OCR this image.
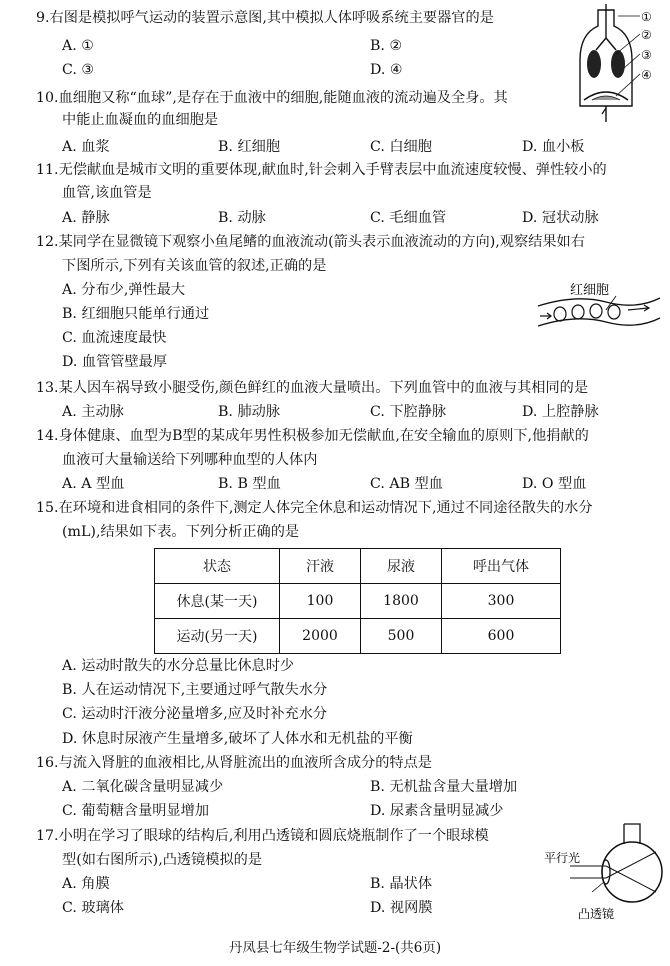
9.右图是模拟呼气运动的装置示意图,其中模拟人体呼吸系统主要器官的是
A. ①	B. ②
C. ③	D. ④
①
②
③
④
10.血细胞又称“血球”,是存在于血液中的细胞,能随血液的流动遍及全身。其
中能止血凝血的血细胞是
A. 血浆	B. 红细胞	C. 白细胞	D. 血小板
11.无偿献血是城市文明的重要体现,献血时,针会刺入手臂表层中血流速度较慢、弹性较小的
血管,该血管是
A. 静脉	B. 动脉	C. 毛细血管	D. 冠状动脉
12.某同学在显微镜下观察小鱼尾鳍的血液流动(箭头表示血液流动的方向),观察结果如右
下图所示,下列有关该血管的叙述,正确的是
A. 分布少,弹性最大
B. 红细胞只能单行通过
C. 血流速度最快
D. 血管管壁最厚
红细胞
13.某人因车祸导致小腿受伤,颜色鲜红的血液大量喷出。下列血管中的血液与其相同的是
A. 主动脉	B. 肺动脉	C. 下腔静脉	D. 上腔静脉
14.身体健康、血型为B型的某成年男性积极参加无偿献血,在安全输血的原则下,他捐献的
血液可大量输送给下列哪种血型的人体内
A. A 型血	B. B 型血	C. AB 型血	D. O 型血
15.在环境和进食相同的条件下,测定人体完全休息和运动情况下,通过不同途径散失的水分
(mL),结果如下表。下列分析正确的是
状态	汗液	尿液	呼出气体
休息(某一天)	100	1800	300
运动(另一天)	2000	500	600
A. 运动时散失的水分总量比休息时少
B. 人在运动情况下,主要通过呼气散失水分
C. 运动时汗液分泌量增多,应及时补充水分
D. 休息时尿液产生量增多,破坏了人体水和无机盐的平衡
16.与流入肾脏的血液相比,从肾脏流出的血液所含成分的特点是
A. 二氧化碳含量明显减少	B. 无机盐含量大量增加
C. 葡萄糖含量明显增加	D. 尿素含量明显减少
17.小明在学习了眼球的结构后,利用凸透镜和圆底烧瓶制作了一个眼球模
型(如右图所示),凸透镜模拟的是
A. 角膜	B. 晶状体
C. 玻璃体	D. 视网膜
平行光
凸透镜
丹凤县七年级生物学试题-2-(共6页)
